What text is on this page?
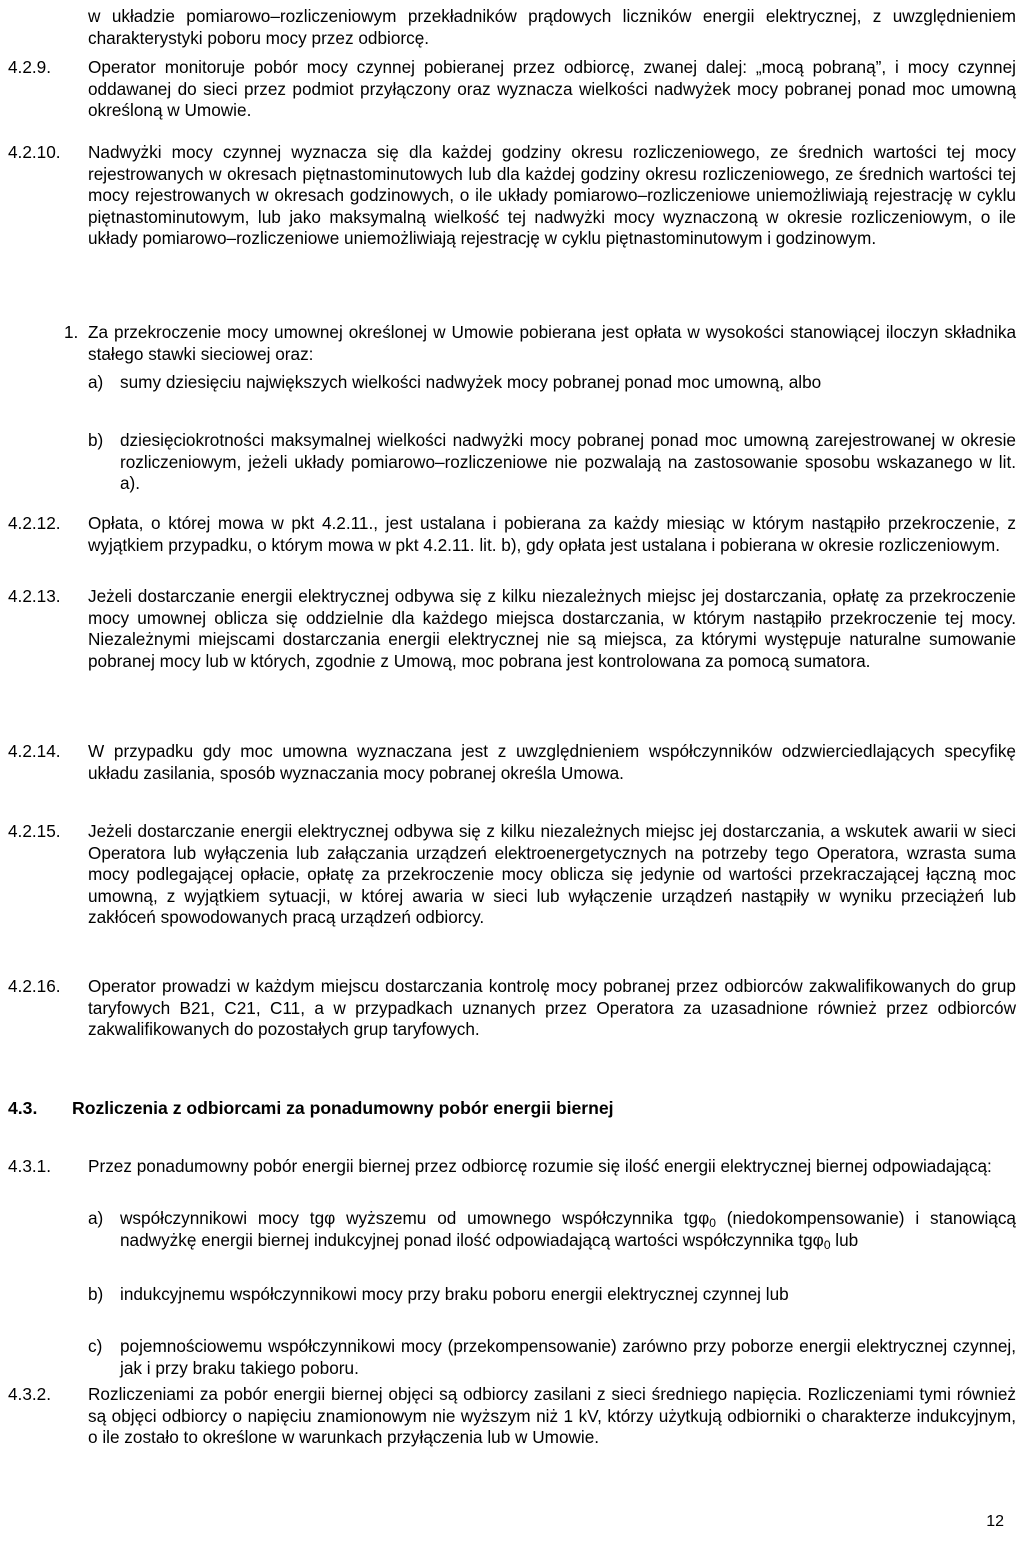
w układzie pomiarowo–rozliczeniowym przekładników prądowych liczników energii elektrycznej, z uwzględnieniem charakterystyki poboru mocy przez odbiorcę.
4.2.9. Operator monitoruje pobór mocy czynnej pobieranej przez odbiorcę, zwanej dalej: „mocą pobraną”, i mocy czynnej oddawanej do sieci przez podmiot przyłączony oraz wyznacza wielkości nadwyżek mocy pobranej ponad moc umowną określoną w Umowie.
4.2.10. Nadwyżki mocy czynnej wyznacza się dla każdej godziny okresu rozliczeniowego, ze średnich wartości tej mocy rejestrowanych w okresach piętnastominutowych lub dla każdej godziny okresu rozliczeniowego, ze średnich wartości tej mocy rejestrowanych w okresach godzinowych, o ile układy pomiarowo–rozliczeniowe uniemożliwiają rejestrację w cyklu piętnastominutowym, lub jako maksymalną wielkość tej nadwyżki mocy wyznaczoną w okresie rozliczeniowym, o ile układy pomiarowo–rozliczeniowe uniemożliwiają rejestrację w cyklu piętnastominutowym i godzinowym.
1. Za przekroczenie mocy umownej określonej w Umowie pobierana jest opłata w wysokości stanowiącej iloczyn składnika stałego stawki sieciowej oraz:
a) sumy dziesięciu największych wielkości nadwyżek mocy pobranej ponad moc umowną, albo
b) dziesięciokrotności maksymalnej wielkości nadwyżki mocy pobranej ponad moc umowną zarejestrowanej w okresie rozliczeniowym, jeżeli układy pomiarowo–rozliczeniowe nie pozwalają na zastosowanie sposobu wskazanego w lit. a).
4.2.12. Opłata, o której mowa w pkt 4.2.11., jest ustalana i pobierana za każdy miesiąc w którym nastąpiło przekroczenie, z wyjątkiem przypadku, o którym mowa w pkt 4.2.11. lit. b), gdy opłata jest ustalana i pobierana w okresie rozliczeniowym.
4.2.13. Jeżeli dostarczanie energii elektrycznej odbywa się z kilku niezależnych miejsc jej dostarczania, opłatę za przekroczenie mocy umownej oblicza się oddzielnie dla każdego miejsca dostarczania, w którym nastąpiło przekroczenie tej mocy. Niezależnymi miejscami dostarczania energii elektrycznej nie są miejsca, za którymi występuje naturalne sumowanie pobranej mocy lub w których, zgodnie z Umową, moc pobrana jest kontrolowana za pomocą sumatora.
4.2.14. W przypadku gdy moc umowna wyznaczana jest z uwzględnieniem współczynników odzwierciedlających specyfikę układu zasilania, sposób wyznaczania mocy pobranej określa Umowa.
4.2.15. Jeżeli dostarczanie energii elektrycznej odbywa się z kilku niezależnych miejsc jej dostarczania, a wskutek awarii w sieci Operatora lub wyłączenia lub załączania urządzeń elektroenergetycznych na potrzeby tego Operatora, wzrasta suma mocy podlegającej opłacie, opłatę za przekroczenie mocy oblicza się jedynie od wartości przekraczającej łączną moc umowną, z wyjątkiem sytuacji, w której awaria w sieci lub wyłączenie urządzeń nastąpiły w wyniku przeciążeń lub zakłóceń spowodowanych pracą urządzeń odbiorcy.
4.2.16. Operator prowadzi w każdym miejscu dostarczania kontrolę mocy pobranej przez odbiorców zakwalifikowanych do grup taryfowych B21, C21, C11, a w przypadkach uznanych przez Operatora za uzasadnione również przez odbiorców zakwalifikowanych do pozostałych grup taryfowych.
4.3. Rozliczenia z odbiorcami za ponadumowny pobór energii biernej
4.3.1. Przez ponadumowny pobór energii biernej przez odbiorcę rozumie się ilość energii elektrycznej biernej odpowiadającą:
a) współczynnikowi mocy tgφ wyższemu od umownego współczynnika tgφ$_0$ (niedokompensowanie) i stanowiącą nadwyżkę energii biernej indukcyjnej ponad ilość odpowiadającą wartości współczynnika tgφ$_0$ lub
b) indukcyjnemu współczynnikowi mocy przy braku poboru energii elektrycznej czynnej lub
c) pojemnościowemu współczynnikowi mocy (przekompensowanie) zarówno przy poborze energii elektrycznej czynnej, jak i przy braku takiego poboru.
4.3.2. Rozliczeniami za pobór energii biernej objęci są odbiorcy zasilani z sieci średniego napięcia. Rozliczeniami tymi również są objęci odbiorcy o napięciu znamionowym nie wyższym niż 1 kV, którzy użytkują odbiorniki o charakterze indukcyjnym, o ile zostało to określone w warunkach przyłączenia lub w Umowie.
12
